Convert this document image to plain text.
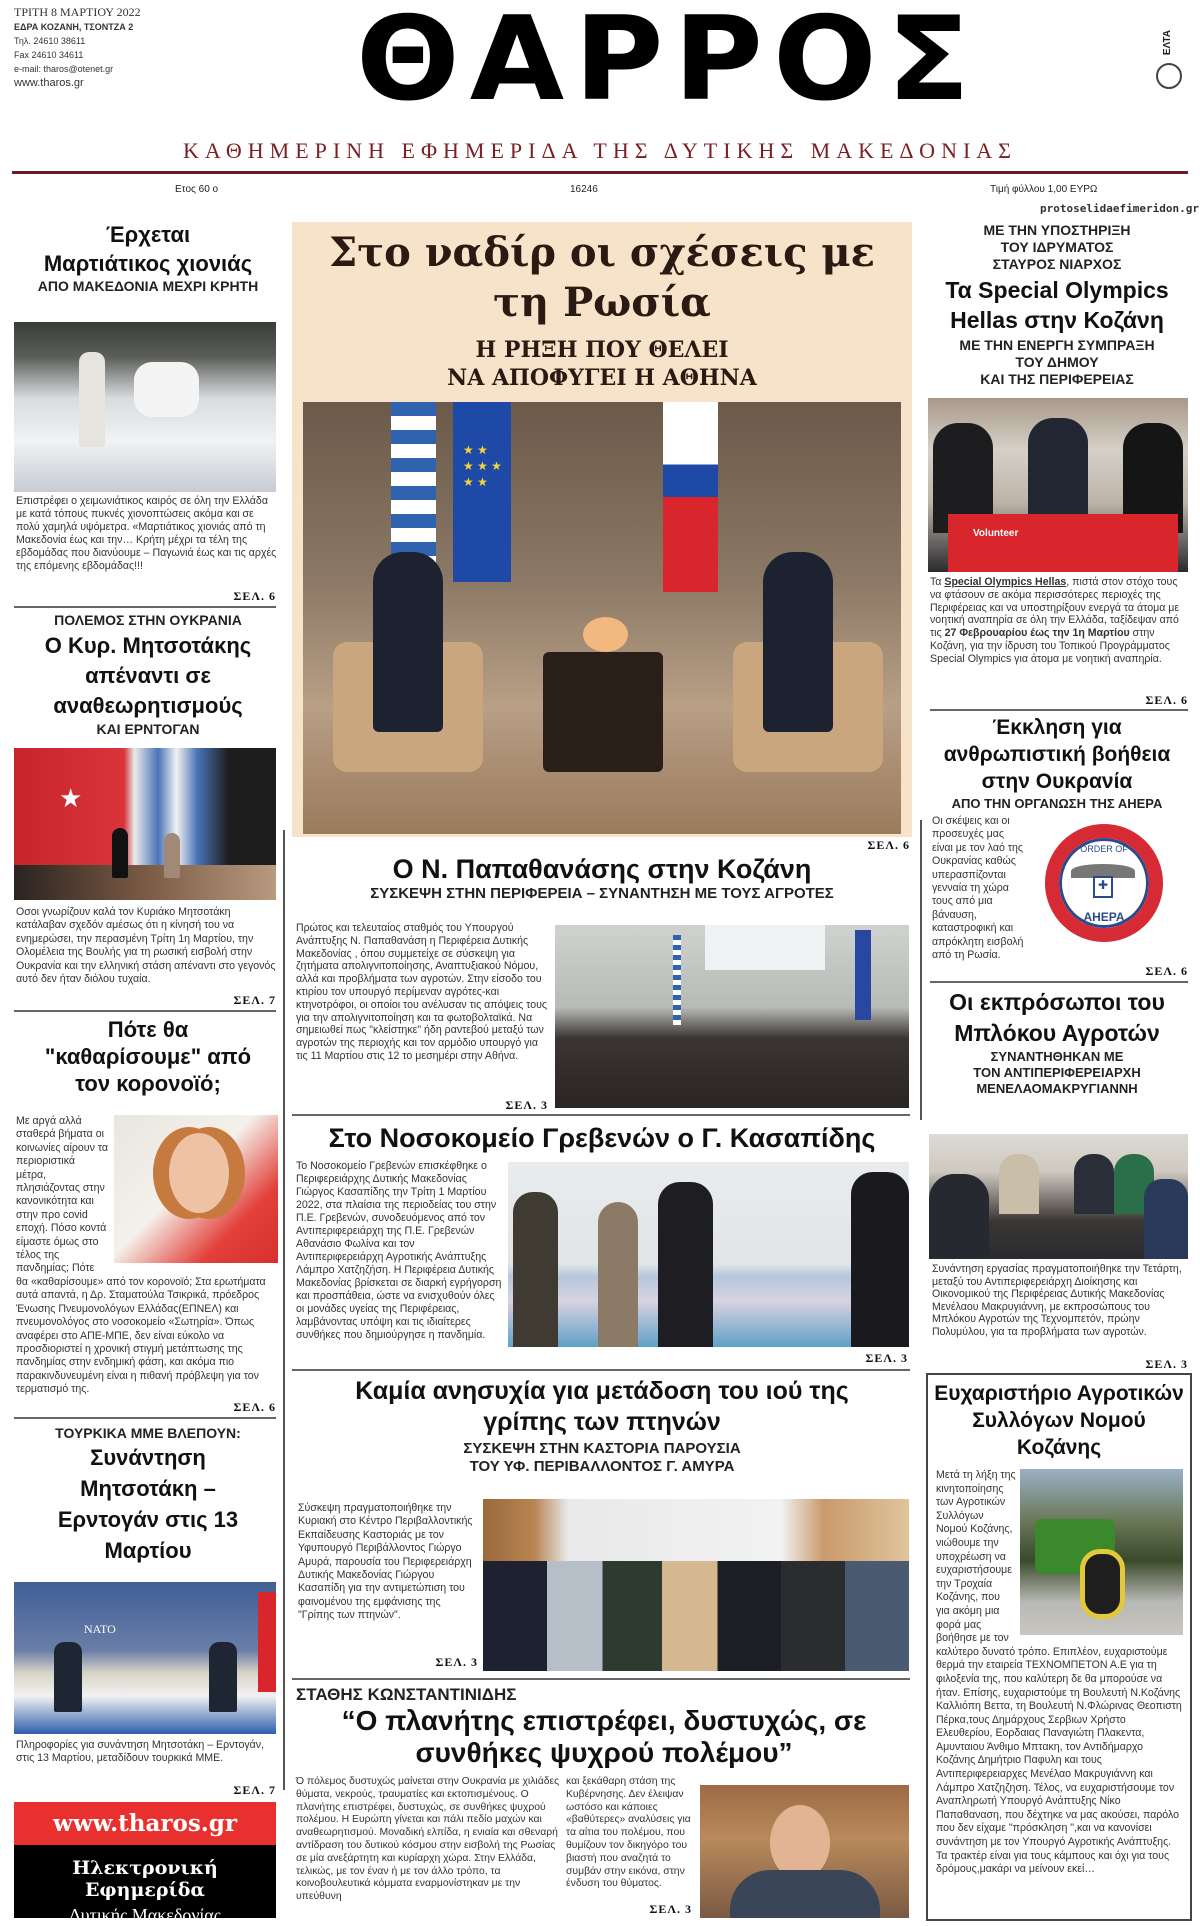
ΤΡΙΤΗ 8 ΜΑΡΤΙΟΥ 2022
ΕΔΡΑ ΚΟΖΑΝΗ, ΤΣΟΝΤΖΑ 2
Τηλ. 24610 38611
Fax 24610 34611
e-mail: tharos@otenet.gr
www.tharos.gr	ΘΑΡΡΟΣ	ΕΛΤΑ
ΚΑΘΗΜΕΡΙΝΗ ΕΦΗΜΕΡΙΔΑ ΤΗΣ ΔΥΤΙΚΗΣ ΜΑΚΕΔΟΝΙΑΣ
Ετος 60 ο	16246	Τιμή φύλλου 1,00 ΕΥΡΩ
protoselidaefimeridon.gr
Έρχεται
Μαρτιάτικος χιονιάς
ΑΠΟ ΜΑΚΕΔΟΝΙΑ ΜΕΧΡΙ ΚΡΗΤΗ
Επιστρέφει ο χειμωνιάτικος καιρός σε όλη την Ελλάδα με κατά τόπους πυκνές χιονοπτώσεις ακόμα και σε πολύ χαμηλά υψόμετρα. «Μαρτιάτικος χιονιάς από τη Μακεδονία έως και την… Κρήτη μέχρι τα τέλη της εβδομάδας που διανύουμε – Παγωνιά έως και τις αρχές της επόμενης εβδομάδας!!!
ΣΕΛ. 6
ΠΟΛΕΜΟΣ ΣΤΗΝ ΟΥΚΡΑΝΙΑ
Ο Κυρ. Μητσοτάκης απέναντι σε αναθεωρητισμούς
ΚΑΙ ΕΡΝΤΟΓΑΝ
★
Οσοι γνωρίζουν καλά τον Κυριάκο Μητσοτάκη κατάλαβαν σχεδόν αμέσως ότι η κίνησή του να ενημερώσει, την περασμένη Τρίτη 1η Μαρτίου, την Ολομέλεια της Βουλής για τη ρωσική εισβολή στην Ουκρανία και την ελληνική στάση απέναντι στο γεγονός αυτό δεν ήταν διόλου τυχαία.
ΣΕΛ. 7
Πότε θα "καθαρίσουμε" από τον κορονοϊό;
Με αργά αλλά σταθερά βήματα οι κοινωνίες αίρουν τα περιοριστικά μέτρα, πλησιάζοντας στην κανονικότητα και στην προ covid εποχή. Πόσο κοντά είμαστε όμως στο τέλος της πανδημίας; Πότε θα «καθαρίσουμε» από τον κορονοϊό; Στα ερωτήματα αυτά απαντά, η Δρ. Σταματούλα Τσικρικά, πρόεδρος Ένωσης Πνευμονολόγων Ελλάδας(ΕΠΝΕΛ) και πνευμονολόγος στο νοσοκομείο «Σωτηρία». Όπως αναφέρει στο ΑΠΕ-ΜΠΕ, δεν είναι εύκολο να προσδιοριστεί η χρονική στιγμή μετάπτωσης της πανδημίας στην ενδημική φάση, και ακόμα πιο παρακινδυνευμένη είναι η πιθανή πρόβλεψη για τον τερματισμό της.
ΣΕΛ. 6
ΤΟΥΡΚΙΚΑ ΜΜΕ ΒΛΕΠΟΥΝ:
Συνάντηση Μητσοτάκη – Ερντογάν στις 13 Μαρτίου
NATO
Πληροφορίες για συνάντηση Μητσοτάκη – Ερντογάν, στις 13 Μαρτίου, μεταδίδουν τουρκικά ΜΜΕ.
ΣΕΛ. 7
www.tharos.gr
Ηλεκτρονική Εφημερίδα
Δυτικής Μακεδονίας
Στο ναδίρ οι σχέσεις με τη Ρωσία
Η ΡΗΞΗ ΠΟΥ ΘΕΛΕΙ
ΝΑ ΑΠΟΦΥΓΕΙ Η ΑΘΗΝΑ
★ ★
★ ★ ★
★ ★
ΣΕΛ. 6
Ο Ν. Παπαθανάσης στην Κοζάνη
ΣΥΣΚΕΨΗ ΣΤΗΝ ΠΕΡΙΦΕΡΕΙΑ – ΣΥΝΑΝΤΗΣΗ ΜΕ ΤΟΥΣ ΑΓΡΟΤΕΣ
Πρώτος και τελευταίος σταθμός του Υπουργού Ανάπτυξης Ν. Παπαθανάση η Περιφέρεια Δυτικής Μακεδονίας , όπου συμμετείχε σε σύσκεψη για ζητήματα απολιγνιτοποίησης, Αναπτυξιακού Νόμου, αλλά και προβλήματα των αγροτών. Στην είσοδο του κτιρίου τον υπουργό περίμεναν αγρότες-και κτηνοτρόφοι, οι οποίοι του ανέλυσαν τις απόψεις τους για την απολιγνιτοποίηση και τα φωτοβολταϊκά. Να σημειωθεί πως "κλείστηκε" ήδη ραντεβού μεταξύ των αγροτών της περιοχής και τον αρμόδιο υπουργό για τις 11 Μαρτίου στις 12 το μεσημέρι στην Αθήνα.
ΣΕΛ. 3
Στο Νοσοκομείο Γρεβενών ο Γ. Κασαπίδης
Το Νοσοκομείο Γρεβενών επισκέφθηκε ο Περιφερειάρχης Δυτικής Μακεδονίας Γιώργος Κασαπίδης την Τρίτη 1 Μαρτίου 2022, στα πλαίσια της περιοδείας του στην Π.Ε. Γρεβενών, συνοδευόμενος από τον Αντιπεριφερειάρχη της Π.Ε. Γρεβενών Αθανάσιο Φωλίνα και τον Αντιπεριφερειάρχη Αγροτικής Ανάπτυξης Λάμπρο Χατζηζήση. Η Περιφέρεια Δυτικής Μακεδονίας βρίσκεται σε διαρκή εγρήγορση και προσπάθεια, ώστε να ενισχυθούν όλες οι μονάδες υγείας της Περιφέρειας, λαμβάνοντας υπόψη και τις ιδιαίτερες συνθήκες που δημιούργησε η πανδημία.
ΣΕΛ. 3
Καμία ανησυχία για μετάδοση του ιού της γρίπης των πτηνών
ΣΥΣΚΕΨΗ ΣΤΗΝ ΚΑΣΤΟΡΙΑ ΠΑΡΟΥΣΙΑ
ΤΟΥ ΥΦ. ΠΕΡΙΒΑΛΛΟΝΤΟΣ Γ. ΑΜΥΡΑ
Σύσκεψη πραγματοποιήθηκε την Κυριακή στο Κέντρο Περιβαλλοντικής Εκπαίδευσης Καστοριάς με τον Υφυπουργό Περιβάλλοντος Γιώργο Αμυρά, παρουσία του Περιφερειάρχη Δυτικής Μακεδονίας Γιώργου Κασαπίδη για την αντιμετώπιση του φαινομένου της εμφάνισης της "Γρίπης των πτηνών".
ΣΕΛ. 3
ΣΤΑΘΗΣ ΚΩΝΣΤΑΝΤΙΝΙΔΗΣ
“Ο πλανήτης επιστρέφει, δυστυχώς, σε συνθήκες ψυχρού πολέμου”
Ό πόλεμος δυστυχώς μαίνεται στην Ουκρανία με χιλιάδες θύματα, νεκρούς, τραυματίες και εκτοπισμένους. Ο πλανήτης επιστρέφει, δυστυχώς, σε συνθήκες ψυχρού πολέμου. Η Ευρώπη γίνεται και πάλι πεδίο μαχών και αναθεωρητισμού. Μοναδική ελπίδα, η ενιαία και σθεναρή αντίδραση του δυτικού κόσμου στην εισβολή της Ρωσίας σε μία ανεξάρτητη και κυρίαρχη χώρα. Στην Ελλάδα, τελικώς, με τον έναν ή με τον άλλο τρόπο, τα κοινοβουλευτικά κόμματα εναρμονίστηκαν με την υπεύθυνη
και ξεκάθαρη στάση της Κυβέρνησης. Δεν έλειψαν ωστόσο και κάποιες «βαθύτερες» αναλύσεις για τα αίτια του πολέμου, που θυμίζουν τον δικηγόρο του βιαστή που αναζητά το συμβάν στην εικόνα, στην ένδυση του θύματος.
ΣΕΛ. 3
ΜΕ ΤΗΝ ΥΠΟΣΤΗΡΙΞΗ
ΤΟΥ ΙΔΡΥΜΑΤΟΣ
ΣΤΑΥΡΟΣ ΝΙΑΡΧΟΣ
Τα Special Olympics Hellas στην Κοζάνη
ΜΕ ΤΗΝ ΕΝΕΡΓΗ ΣΥΜΠΡΑΞΗ
ΤΟΥ ΔΗΜΟΥ
ΚΑΙ ΤΗΣ ΠΕΡΙΦΕΡΕΙΑΣ
Volunteer
Τα Special Olympics Hellas, πιστά στον στόχο τους να φτάσουν σε ακόμα περισσότερες περιοχές της Περιφέρειας και να υποστηρίξουν ενεργά τα άτομα με νοητική αναπηρία σε όλη την Ελλάδα, ταξίδεψαν από τις 27 Φεβρουαρίου έως την 1η Μαρτίου στην Κοζάνη, για την ίδρυση του Τοπικού Προγράμματος Special Olympics για άτομα με νοητική αναπηρία.
ΣΕΛ. 6
Έκκληση για ανθρωπιστική βοήθεια στην Ουκρανία
ΑΠΟ ΤΗΝ ΟΡΓΑΝΩΣΗ ΤΗΣ ΑΗΕΡΑ
Οι σκέψεις και οι προσευχές μας είναι με τον λαό της Ουκρανίας καθώς υπερασπίζονται γενναία τη χώρα τους από μια βάναυση, καταστροφική και απρόκλητη εισβολή από τη Ρωσία.
ORDER OF
✚
AHEPA
ΣΕΛ. 6
Οι εκπρόσωποι του Μπλόκου Αγροτών
ΣΥΝΑΝΤΗΘΗΚΑΝ ΜΕ
ΤΟΝ ΑΝΤΙΠΕΡΙΦΕΡΕΙΑΡΧΗ
ΜΕΝΕΛΑΟΜΑΚΡΥΓΙΑΝΝΗ
Συνάντηση εργασίας πραγματοποιήθηκε την Τετάρτη, μεταξύ του Αντιπεριφερειάρχη Διοίκησης και Οικονομικού της Περιφέρειας Δυτικής Μακεδονίας Μενέλαου Μακρυγιάννη, με εκπροσώπους του Μπλόκου Αγροτών της Τεχνομπετόν, πρώην Πολυμύλου, για τα προβλήματα των αγροτών.
ΣΕΛ. 3
Ευχαριστήριο Αγροτικών Συλλόγων Νομού Κοζάνης
Μετά τη λήξη της κινητοποίησης των Αγροτικών Συλλόγων Νομού Κοζάνης, νιώθουμε την υποχρέωση να ευχαριστήσουμε την Τροχαία Κοζάνης, που για ακόμη μια φορά μας βοήθησε με τον καλύτερο δυνατό τρόπο. Επιπλέον, ευχαριστούμε θερμά την εταιρεία ΤΕΧΝΟΜΠΕΤΟΝ Α.Ε για τη φιλοξενία της, που καλύτερη δε θα μπορούσε να ήταν. Επίσης, ευχαριστούμε τη Βουλευτή Ν.Κοζάνης Καλλιόπη Βεττα, τη Βουλευτή Ν.Φλώρινας Θεοπιστη Πέρκα,τους Δημάρχους Σερβιων Χρήστο Ελευθερίου, Εορδαιας Παναγιώτη Πλακεντα, Αμυνταιου Άνθιμο Μπτακη, τον Αντιδήμαρχο Κοζάνης Δημήτριο Παφυλη και τους Αντιπεριφερειαρχες Μενέλαο Μακρυγιάννη και Λάμπρο Χατζηζηση. Τέλος, να ευχαριστήσουμε τον Αναπληρωτή Υπουργό Ανάπτυξης Νίκο Παπαθαναση, που δέχτηκε να μας ακούσει, παρόλο που δεν είχαμε "πρόσκληση ",και να κανονίσει συνάντηση με τον Υπουργό Αγροτικής Ανάπτυξης. Τα τρακτέρ είναι για τους κάμπους και όχι για τους δρόμους,μακάρι να μείνουν εκεί…
